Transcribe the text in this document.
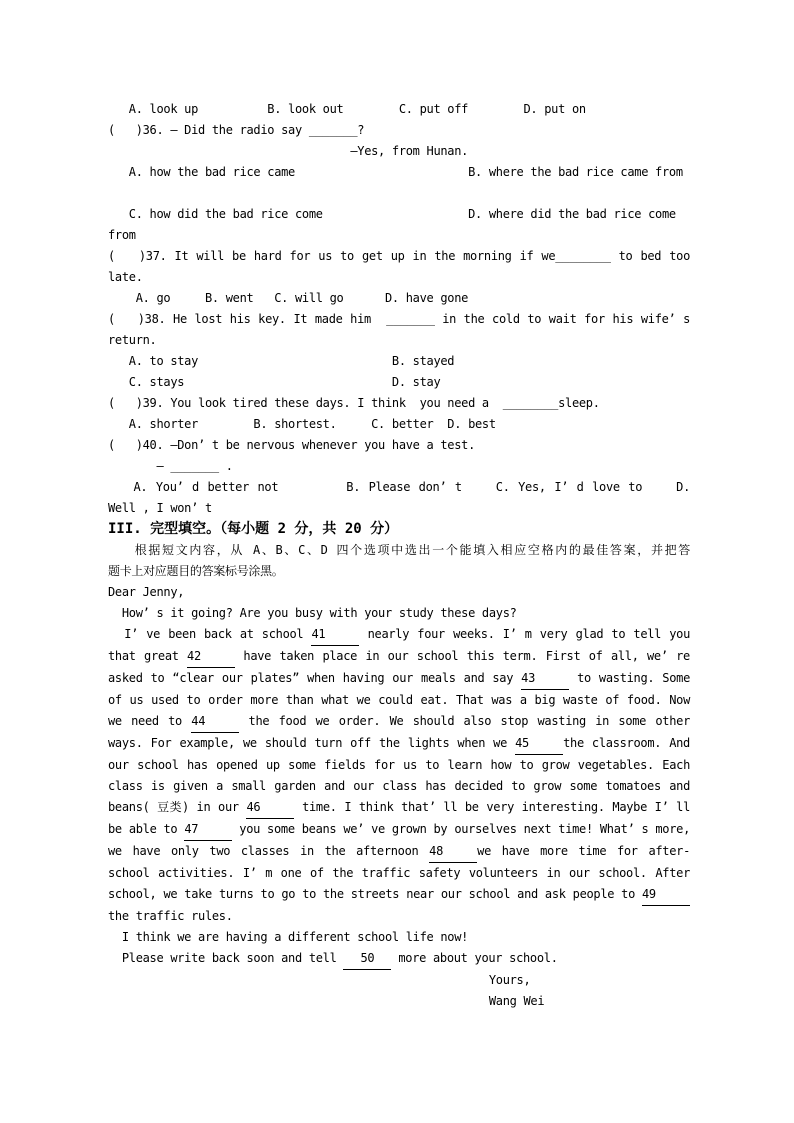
A. look up          B. look out        C. put off        D. put on
(   )36. — Did the radio say _______?
—Yes, from Hunan.
A. how the bad rice came                         B. where the bad rice came from

C. how did the bad rice come                     D. where did the bad rice come
from
(   )37. It will be hard for us to get up in the morning if we________ to bed too
late.
A. go     B. went   C. will go      D. have gone
(   )38. He lost his key. It made him  _______ in the cold to wait for his wife’ s
return.
A. to stay                            B. stayed
C. stays                              D. stay
(   )39. You look tired these days. I think  you need a  ________sleep.
A. shorter        B. shortest.     C. better  D. best
(   )40. —Don’ t be nervous whenever you have a test.
— _______ .
A. You’ d better not        B. Please don’ t    C. Yes, I’ d love to    D.
Well , I won’ t
III. 完型填空。（每小题 2 分，共 20 分）
根据短文内容，从 A、B、C、D 四个选项中选出一个能填入相应空格内的最佳答案，并把答
题卡上对应题目的答案标号涂黑。
Dear Jenny,
How’ s it going? Are you busy with your study these days?
I’ ve been back at school 41	nearly four weeks. I’ m very glad to tell you
that great 42	have taken place in our school this term. First of all, we’ re
asked to “clear our plates” when having our meals and say 43	to wasting. Some
of us used to order more than what we could eat. That was a big waste of food. Now
we need to 44	the food we order. We should also stop wasting in some other
ways. For example, we should turn off the lights when we 45	the classroom. And
our school has opened up some fields for us to learn how to grow vegetables. Each
class is given a small garden and our class has decided to grow some tomatoes and
beans( 豆类) in our 46	time. I think that’ ll be very interesting. Maybe I’ ll
be able to 47	you some beans we’ ve grown by ourselves next time! What’ s more,
we have only two classes in the afternoon 48	we have more time for after-
school activities. I’ m one of the traffic safety volunteers in our school. After
school, we take turns to go to the streets near our school and ask people to 49
the traffic rules.
I think we are having a different school life now!
Please write back soon and tell 50 more about your school.
Yours,
Wang Wei
